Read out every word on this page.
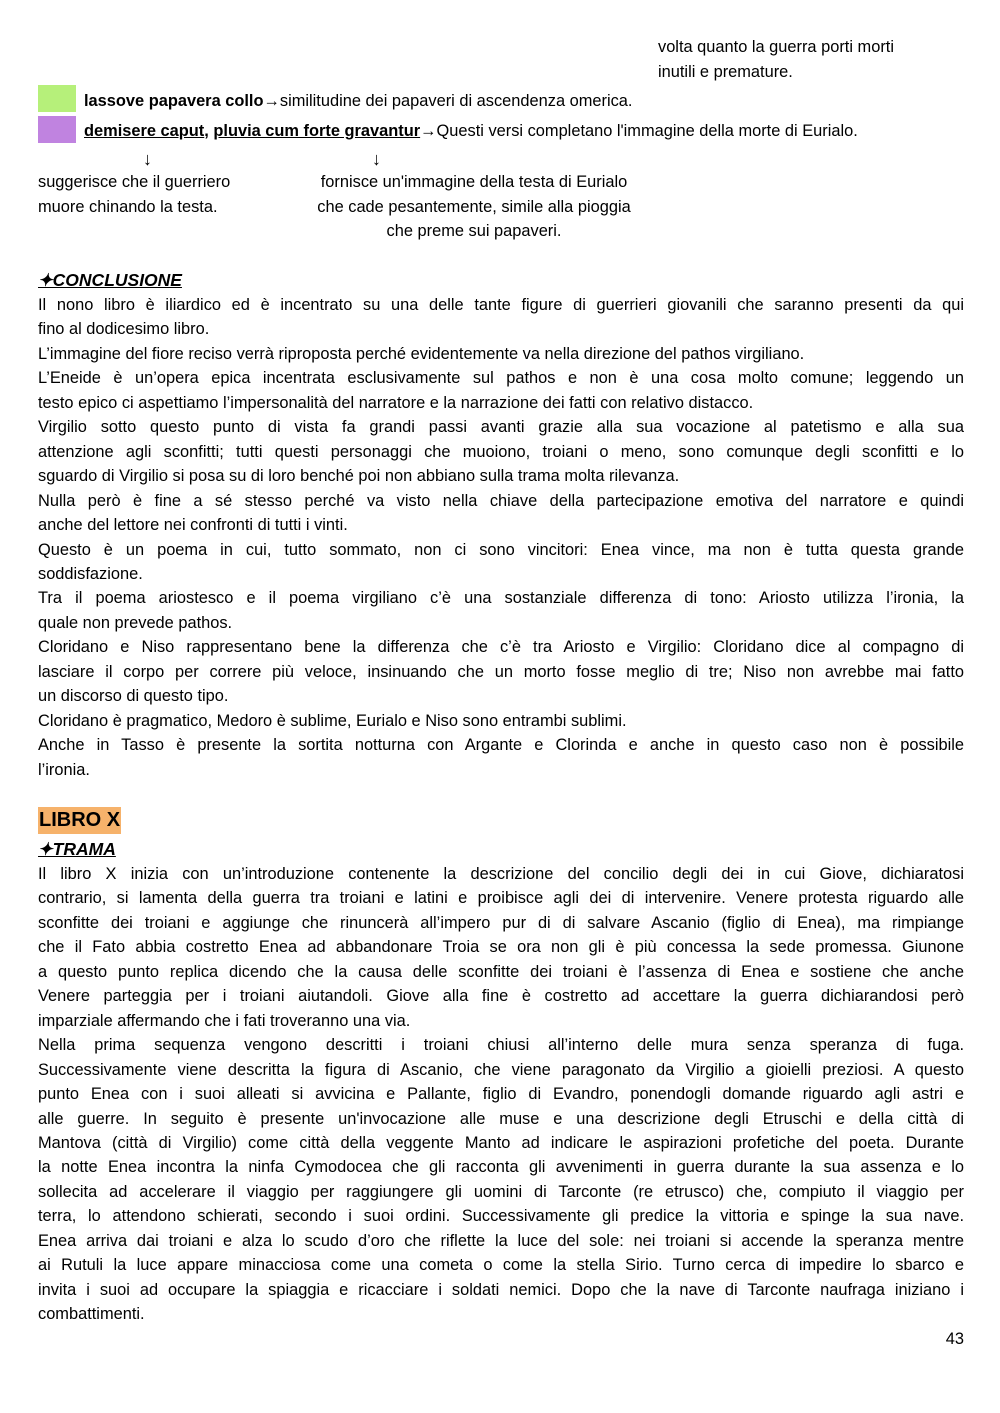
volta quanto la guerra porti morti
inutili e premature.
lassove papavera collo→similitudine dei papaveri di ascendenza omerica.
demisere caput, pluvia cum forte gravantur→Questi versi completano l'immagine della morte di Eurialo.
↓	↓
suggerisce che il guerriero
muore chinando la testa.
fornisce un'immagine della testa di Eurialo
che cade pesantemente, simile alla pioggia
che preme sui papaveri.
✦CONCLUSIONE
Il nono libro è iliardico ed è incentrato su una delle tante figure di guerrieri giovanili che saranno presenti da qui
fino al dodicesimo libro.
L’immagine del fiore reciso verrà riproposta perché evidentemente va nella direzione del pathos virgiliano.
L’Eneide è un’opera epica incentrata esclusivamente sul pathos e non è una cosa molto comune; leggendo un
testo epico ci aspettiamo l’impersonalità del narratore e la narrazione dei fatti con relativo distacco.
Virgilio sotto questo punto di vista fa grandi passi avanti grazie alla sua vocazione al patetismo e alla sua
attenzione agli sconfitti; tutti questi personaggi che muoiono, troiani o meno, sono comunque degli sconfitti e lo
sguardo di Virgilio si posa su di loro benché poi non abbiano sulla trama molta rilevanza.
Nulla però è fine a sé stesso perché va visto nella chiave della partecipazione emotiva del narratore e quindi
anche del lettore nei confronti di tutti i vinti.
Questo è un poema in cui, tutto sommato, non ci sono vincitori: Enea vince, ma non è tutta questa grande
soddisfazione.
Tra il poema ariostesco e il poema virgiliano c’è una sostanziale differenza di tono: Ariosto utilizza l’ironia, la
quale non prevede pathos.
Cloridano e Niso rappresentano bene la differenza che c’è tra Ariosto e Virgilio: Cloridano dice al compagno di
lasciare il corpo per correre più veloce, insinuando che un morto fosse meglio di tre; Niso non avrebbe mai fatto
un discorso di questo tipo.
Cloridano è pragmatico, Medoro è sublime, Eurialo e Niso sono entrambi sublimi.
Anche in Tasso è presente la sortita notturna con Argante e Clorinda e anche in questo caso non è possibile
l’ironia.
LIBRO X
✦TRAMA
Il libro X inizia con un’introduzione contenente la descrizione del concilio degli dei in cui Giove, dichiaratosi
contrario, si lamenta della guerra tra troiani e latini e proibisce agli dei di intervenire. Venere protesta riguardo alle
sconfitte dei troiani e aggiunge che rinuncerà all’impero pur di di salvare Ascanio (figlio di Enea), ma rimpiange
che il Fato abbia costretto Enea ad abbandonare Troia se ora non gli è più concessa la sede promessa. Giunone
a questo punto replica dicendo che la causa delle sconfitte dei troiani è l’assenza di Enea e sostiene che anche
Venere parteggia per i troiani aiutandoli. Giove alla fine è costretto ad accettare la guerra dichiarandosi però
imparziale affermando che i fati troveranno una via.
Nella prima sequenza vengono descritti i troiani chiusi all’interno delle mura senza speranza di fuga.
Successivamente viene descritta la figura di Ascanio, che viene paragonato da Virgilio a gioielli preziosi. A questo
punto Enea con i suoi alleati si avvicina e Pallante, figlio di Evandro, ponendogli domande riguardo agli astri e
alle guerre. In seguito è presente un'invocazione alle muse e una descrizione degli Etruschi e della città di
Mantova (città di Virgilio) come città della veggente Manto ad indicare le aspirazioni profetiche del poeta. Durante
la notte Enea incontra la ninfa Cymodocea che gli racconta gli avvenimenti in guerra durante la sua assenza e lo
sollecita ad accelerare il viaggio per raggiungere gli uomini di Tarconte (re etrusco) che, compiuto il viaggio per
terra, lo attendono schierati, secondo i suoi ordini. Successivamente gli predice la vittoria e spinge la sua nave.
Enea arriva dai troiani e alza lo scudo d’oro che riflette la luce del sole: nei troiani si accende la speranza mentre
ai Rutuli la luce appare minacciosa come una cometa o come la stella Sirio. Turno cerca di impedire lo sbarco e
invita i suoi ad occupare la spiaggia e ricacciare i soldati nemici. Dopo che la nave di Tarconte naufraga iniziano i
combattimenti.
43
